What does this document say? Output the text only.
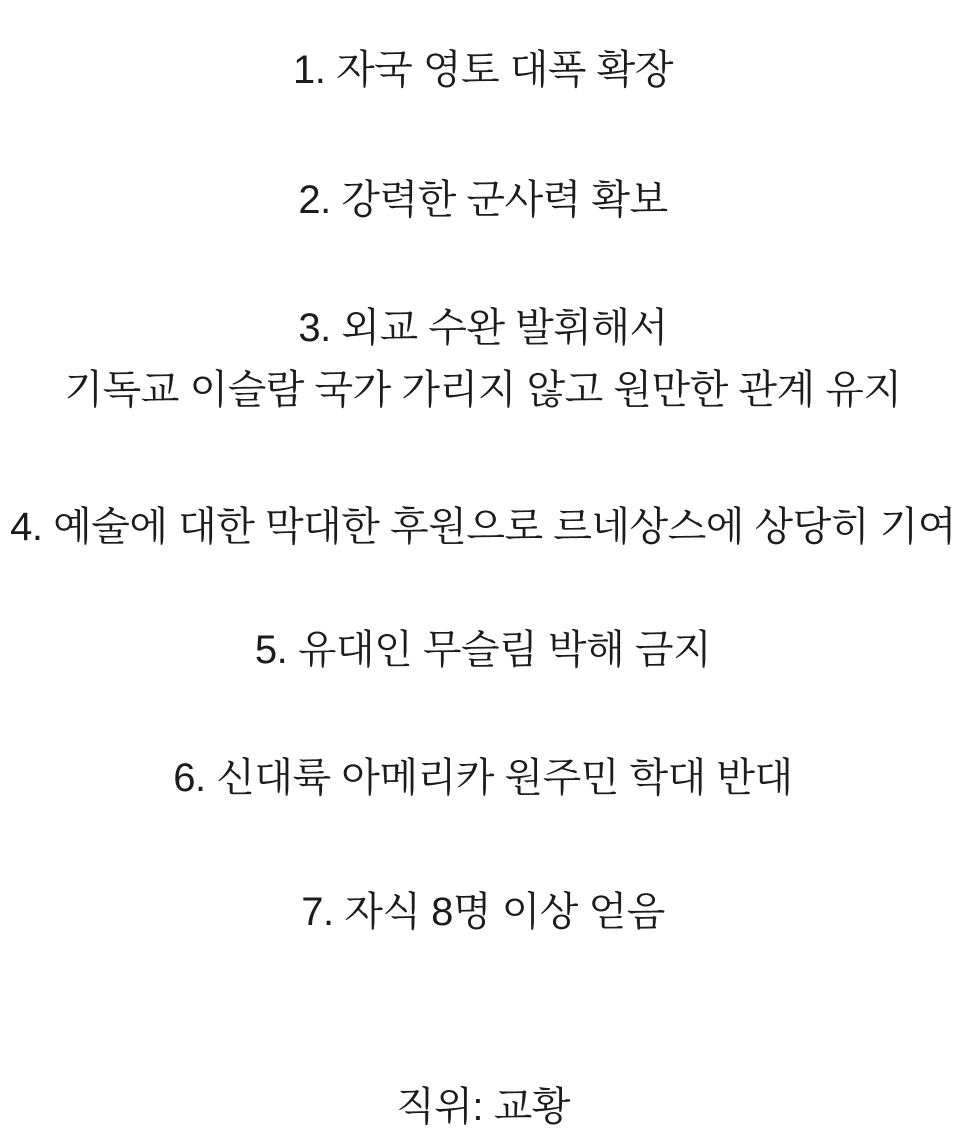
1. 자국 영토 대폭 확장
2. 강력한 군사력 확보
3. 외교 수완 발휘해서
기독교 이슬람 국가 가리지 않고 원만한 관계 유지
4. 예술에 대한 막대한 후원으로 르네상스에 상당히 기여
5. 유대인 무슬림 박해 금지
6. 신대륙 아메리카 원주민 학대 반대
7. 자식 8명 이상 얻음
직위: 교황
